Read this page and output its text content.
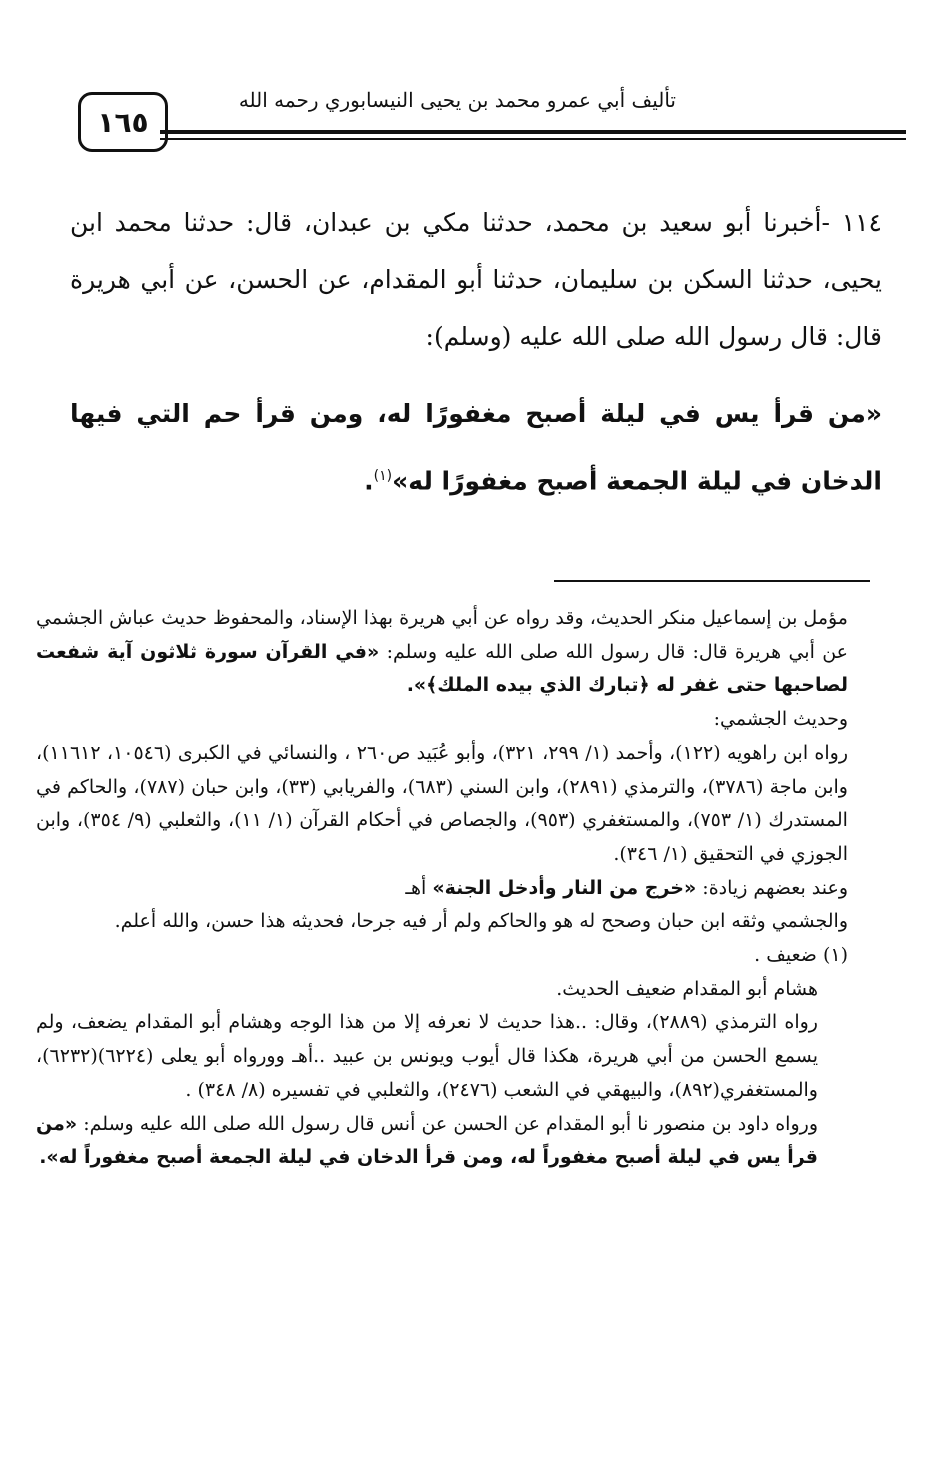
١٦٥
تأليف أبي عمرو محمد بن يحيى النيسابوري رحمه الله

١١٤ -أخبرنا أبو سعيد بن محمد، حدثنا مكي بن عبدان، قال: حدثنا محمد ابن يحيى، حدثنا السكن بن سليمان، حدثنا أبو المقدام، عن الحسن، عن أبي هريرة قال: قال رسول الله صلى الله عليه (وسلم):

«من قرأ يس في ليلة أصبح مغفورًا له، ومن قرأ حم التي فيها الدخان في ليلة الجمعة أصبح مغفورًا له»$^{(١)}$.

مؤمل بن إسماعيل منكر الحديث، وقد رواه عن أبي هريرة بهذا الإسناد، والمحفوظ حديث عباش الجشمي عن أبي هريرة قال: قال رسول الله صلى الله عليه وسلم: «في القرآن سورة ثلاثون آية شفعت لصاحبها حتى غفر له ﴿تبارك الذي بيده الملك﴾».

وحديث الجشمي:

رواه ابن راهويه (١٢٢)، وأحمد (١/ ٢٩٩، ٣٢١)، وأبو عُبَيد ص٢٦٠ ، والنسائي في الكبرى (١٠٥٤٦، ١١٦١٢)، وابن ماجة (٣٧٨٦)، والترمذي (٢٨٩١)، وابن السني (٦٨٣)، والفريابي (٣٣)، وابن حبان (٧٨٧)، والحاكم في المستدرك (١/ ٧٥٣)، والمستغفري (٩٥٣)، والجصاص في أحكام القرآن (١/ ١١)، والثعلبي (٩/ ٣٥٤)، وابن الجوزي في التحقيق (١/ ٣٤٦).

وعند بعضهم زيادة: «خرج من النار وأدخل الجنة» أهـ

والجشمي وثقه ابن حبان وصحح له هو والحاكم ولم أر فيه جرحا، فحديثه هذا حسن، والله أعلم.

(١) ضعيف .

هشام أبو المقدام ضعيف الحديث.

رواه الترمذي (٢٨٨٩)، وقال: ..هذا حديث لا نعرفه إلا من هذا الوجه وهشام أبو المقدام يضعف، ولم يسمع الحسن من أبي هريرة، هكذا قال أيوب ويونس بن عبيد ..أهـ وورواه أبو يعلى (٦٢٢٤)(٦٢٣٢)، والمستغفري(٨٩٢)، والبيهقي في الشعب (٢٤٧٦)، والثعلبي في تفسيره (٨/ ٣٤٨) .

ورواه داود بن منصور نا أبو المقدام عن الحسن عن أنس قال رسول الله صلى الله عليه وسلم: «من قرأ يس في ليلة أصبح مغفوراً له، ومن قرأ الدخان في ليلة الجمعة أصبح مغفوراً له».
